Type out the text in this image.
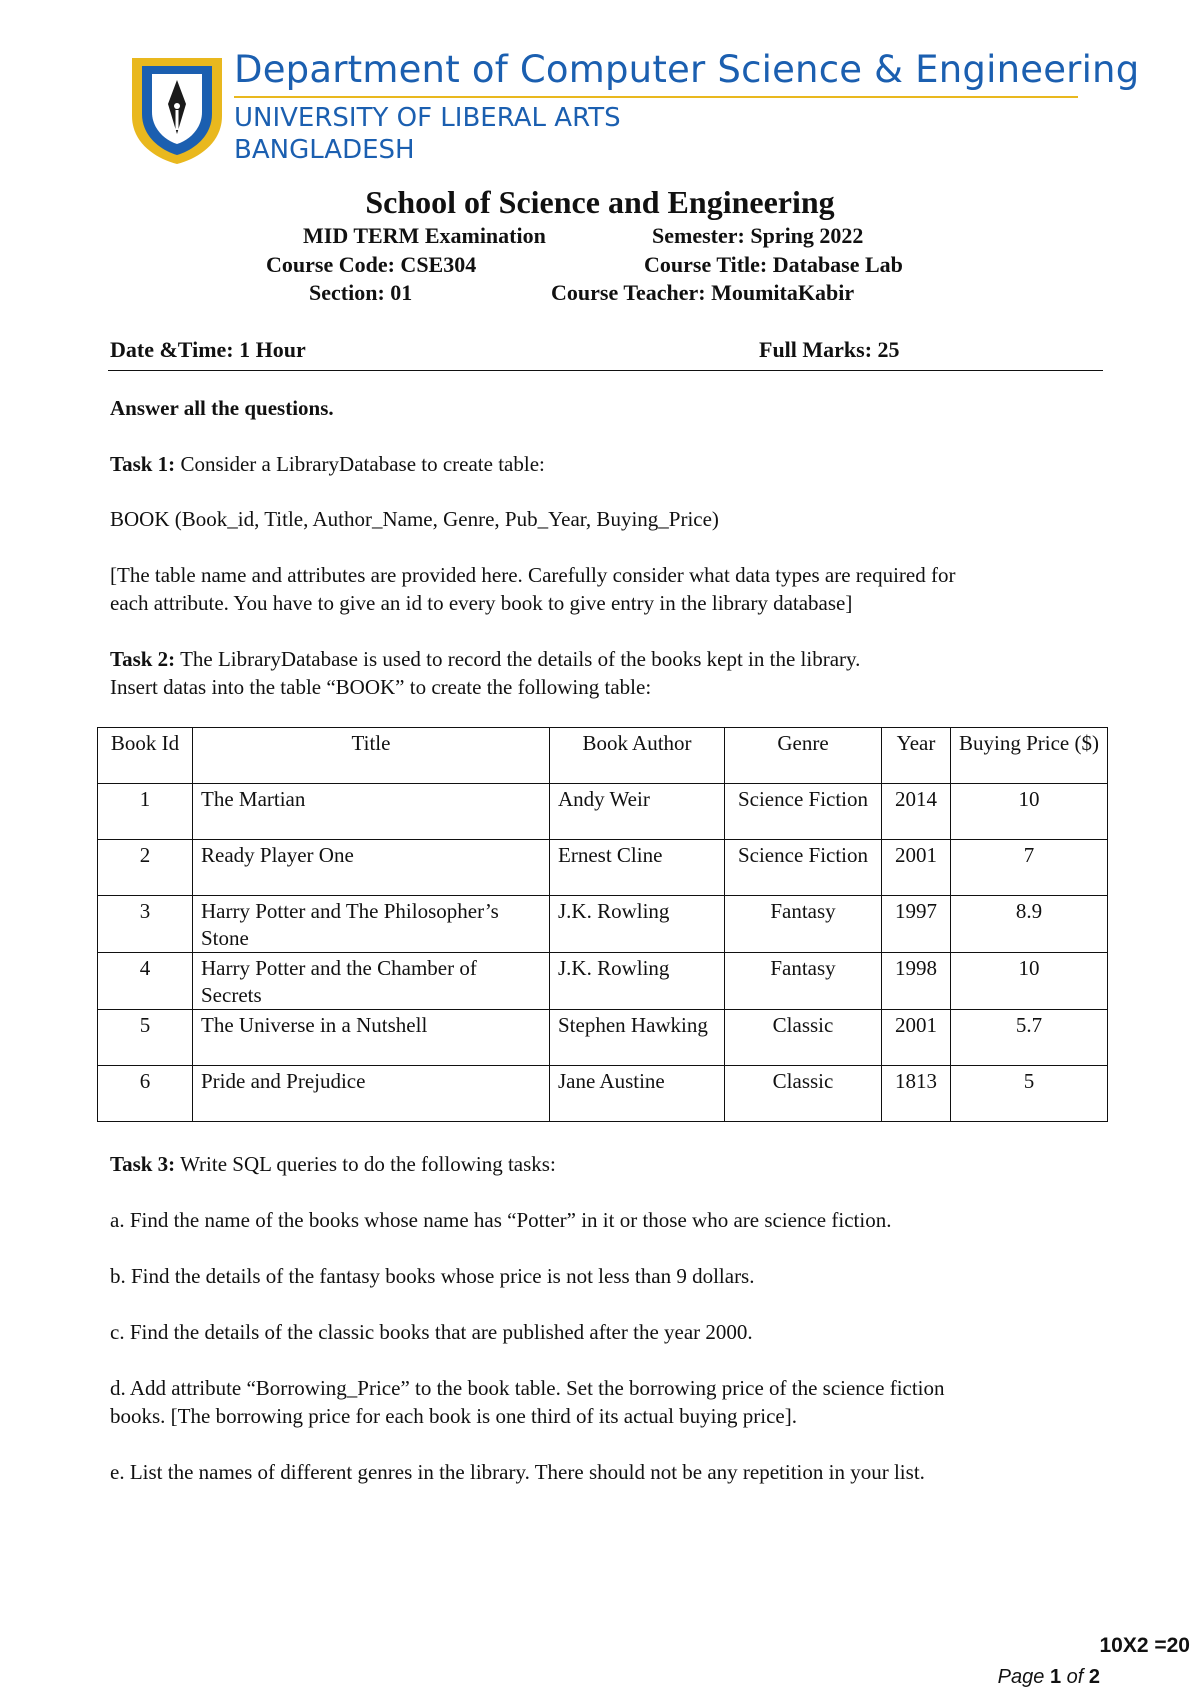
Department of Computer Science & Engineering
UNIVERSITY OF LIBERAL ARTS
BANGLADESH
School of Science and Engineering
MID TERM Examination	Semester: Spring 2022
Course Code: CSE304	Course Title: Database Lab
Section: 01	Course Teacher: MoumitaKabir
Date &Time: 1 Hour	Full Marks: 25
Answer all the questions.
Task 1: Consider a LibraryDatabase to create table:
BOOK (Book_id, Title, Author_Name, Genre, Pub_Year, Buying_Price)
[The table name and attributes are provided here. Carefully consider what data types are required for
each attribute. You have to give an id to every book to give entry in the library database]
Task 2: The LibraryDatabase is used to record the details of the books kept in the library.
Insert datas into the table “BOOK” to create the following table:
Book Id	Title	Book Author	Genre	Year	Buying Price ($)
1	The Martian	Andy Weir	Science Fiction	2014	10
2	Ready Player One	Ernest Cline	Science Fiction	2001	7
3	Harry Potter and The Philosopher’s Stone	J.K. Rowling	Fantasy	1997	8.9
4	Harry Potter and the Chamber of Secrets	J.K. Rowling	Fantasy	1998	10
5	The Universe in a Nutshell	Stephen Hawking	Classic	2001	5.7
6	Pride and Prejudice	Jane Austine	Classic	1813	5
Task 3: Write SQL queries to do the following tasks:
a. Find the name of the books whose name has “Potter” in it or those who are science fiction.
b. Find the details of the fantasy books whose price is not less than 9 dollars.
c. Find the details of the classic books that are published after the year 2000.
d. Add attribute “Borrowing_Price” to the book table. Set the borrowing price of the science fiction
books. [The borrowing price for each book is one third of its actual buying price].
e. List the names of different genres in the library. There should not be any repetition in your list.
10X2 =20
Page 1 of 2
